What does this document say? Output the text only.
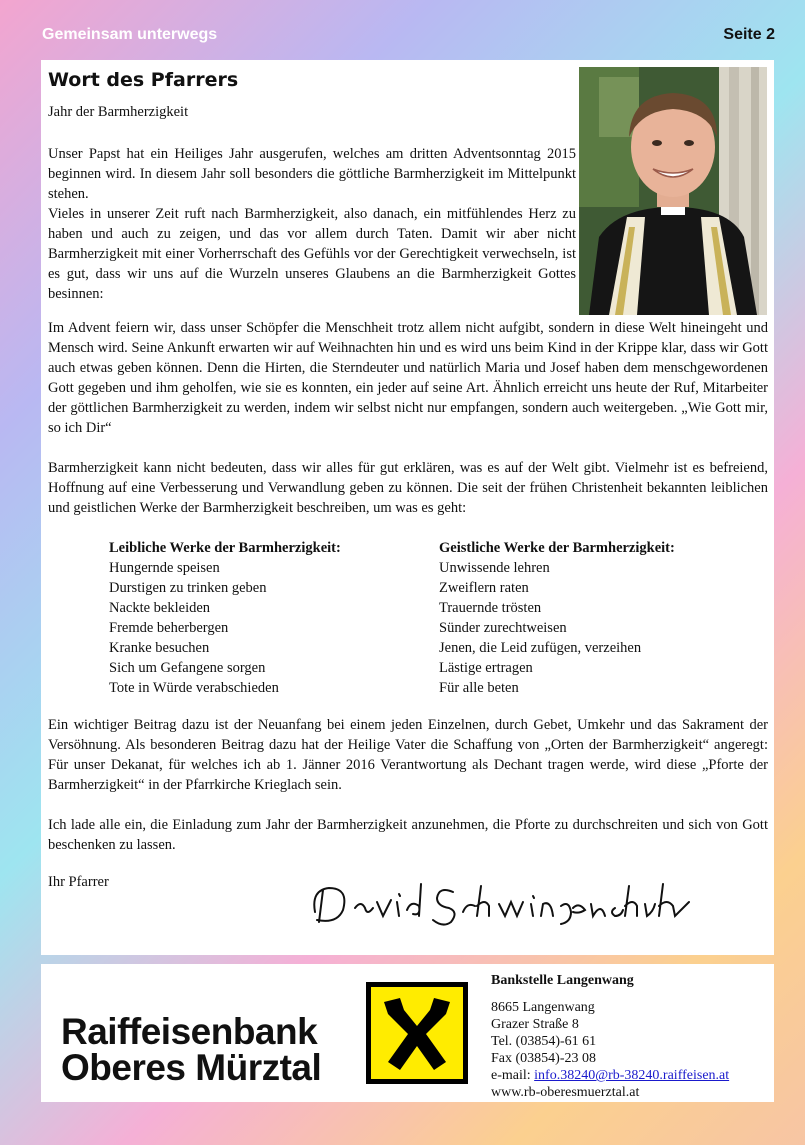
Gemeinsam unterwegs	Seite 2
Wort des Pfarrers
Jahr der Barmherzigkeit

Unser Papst hat ein Heiliges Jahr ausgerufen, welches am dritten Adventsonntag 2015 beginnen wird. In diesem Jahr soll besonders die göttliche Barmherzigkeit im Mittelpunkt stehen.
Vieles in unserer Zeit ruft nach Barmherzigkeit, also danach, ein mitfühlendes Herz zu haben und auch zu zeigen, und das vor allem durch Taten. Damit wir aber nicht Barmherzigkeit mit einer Vorherrschaft des Gefühls vor der Gerechtigkeit verwechseln, ist es gut, dass wir uns auf die Wurzeln unseres Glaubens an die Barmherzigkeit Gottes besinnen:

Im Advent feiern wir, dass unser Schöpfer die Menschheit trotz allem nicht aufgibt, sondern in diese Welt hineingeht und Mensch wird. Seine Ankunft erwarten wir auf Weihnachten hin und es wird uns beim Kind in der Krippe klar, dass wir Gott auch etwas geben können. Denn die Hirten, die Sterndeuter und natürlich Maria und Josef haben dem menschgewordenen Gott gegeben und ihm geholfen, wie sie es konnten, ein jeder auf seine Art. Ähnlich erreicht uns heute der Ruf, Mitarbeiter der göttlichen Barmherzigkeit zu werden, indem wir selbst nicht nur empfangen, sondern auch weitergeben. „Wie Gott mir, so ich Dir“

Barmherzigkeit kann nicht bedeuten, dass wir alles für gut erklären, was es auf der Welt gibt. Vielmehr ist es befreiend, Hoffnung auf eine Verbesserung und Verwandlung geben zu können. Die seit der frühen Christenheit bekannten leiblichen und geistlichen Werke der Barmherzigkeit beschreiben, um was es geht:

Leibliche Werke der Barmherzigkeit:
Hungernde speisen
Durstigen zu trinken geben
Nackte bekleiden
Fremde beherbergen
Kranke besuchen
Sich um Gefangene sorgen
Tote in Würde verabschieden
Geistliche Werke der Barmherzigkeit:
Unwissende lehren
Zweiflern raten
Trauernde trösten
Sünder zurechtweisen
Jenen, die Leid zufügen, verzeihen
Lästige ertragen
Für alle beten

Ein wichtiger Beitrag dazu ist der Neuanfang bei einem jeden Einzelnen, durch Gebet, Umkehr und das Sakrament der Versöhnung. Als besonderen Beitrag dazu hat der Heilige Vater die Schaffung von „Orten der Barmherzigkeit“ angeregt: Für unser Dekanat, für welches ich ab 1. Jänner 2016 Verantwortung als Dechant tragen werde, wird diese „Pforte der Barmherzigkeit“ in der Pfarrkirche Krieglach sein.

Ich lade alle ein, die Einladung zum Jahr der Barmherzigkeit anzunehmen, die Pforte zu durchschreiten und sich von Gott beschenken zu lassen.

Ihr Pfarrer
Raiffeisenbank
Oberes Mürztal
Bankstelle Langenwang
8665 Langenwang
Grazer Straße 8
Tel. (03854)-61 61
Fax (03854)-23 08
e-mail: info.38240@rb-38240.raiffeisen.at
www.rb-oberesmuerztal.at
